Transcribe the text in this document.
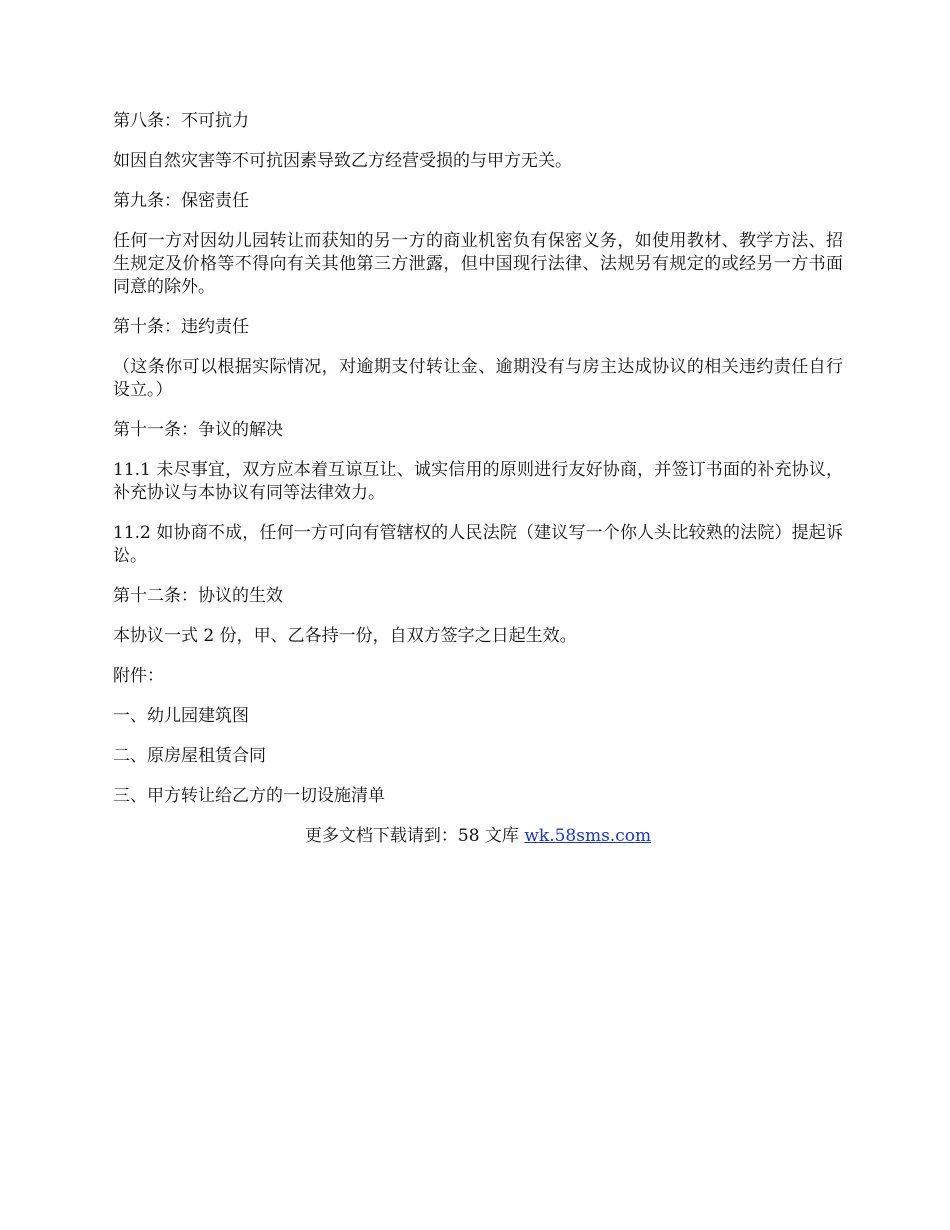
第八条：不可抗力

如因自然灾害等不可抗因素导致乙方经营受损的与甲方无关。

第九条：保密责任

任何一方对因幼儿园转让而获知的另一方的商业机密负有保密义务，如使用教材、教学方法、招生规定及价格等不得向有关其他第三方泄露，但中国现行法律、法规另有规定的或经另一方书面同意的除外。

第十条：违约责任

（这条你可以根据实际情况，对逾期支付转让金、逾期没有与房主达成协议的相关违约责任自行设立。）

第十一条：争议的解决

11.1 未尽事宜，双方应本着互谅互让、诚实信用的原则进行友好协商，并签订书面的补充协议，补充协议与本协议有同等法律效力。

11.2 如协商不成，任何一方可向有管辖权的人民法院（建议写一个你人头比较熟的法院）提起诉讼。

第十二条：协议的生效

本协议一式 2 份，甲、乙各持一份，自双方签字之日起生效。

附件：

一、幼儿园建筑图

二、原房屋租赁合同

三、甲方转让给乙方的一切设施清单

更多文档下载请到：58 文库 wk.58sms.com
